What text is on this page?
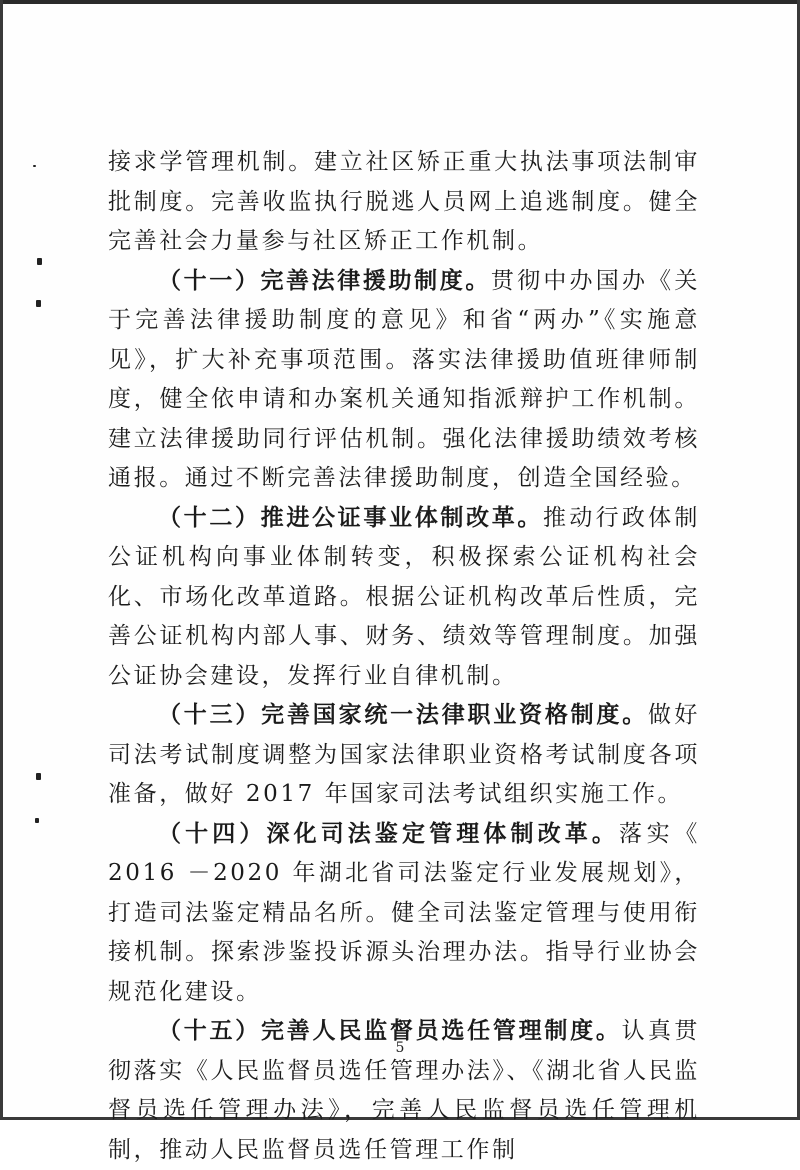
接求学管理机制。建立社区矫正重大执法事项法制审批制度。完善收监执行脱逃人员网上追逃制度。健全完善社会力量参与社区矫正工作机制。

（十一）完善法律援助制度。贯彻中办国办《关于完善法律援助制度的意见》和省“两办”《实施意见》，扩大补充事项范围。落实法律援助值班律师制度，健全依申请和办案机关通知指派辩护工作机制。建立法律援助同行评估机制。强化法律援助绩效考核通报。通过不断完善法律援助制度，创造全国经验。

（十二）推进公证事业体制改革。推动行政体制公证机构向事业体制转变，积极探索公证机构社会化、市场化改革道路。根据公证机构改革后性质，完善公证机构内部人事、财务、绩效等管理制度。加强公证协会建设，发挥行业自律机制。

（十三）完善国家统一法律职业资格制度。做好司法考试制度调整为国家法律职业资格考试制度各项准备，做好 2017 年国家司法考试组织实施工作。

（十四）深化司法鉴定管理体制改革。落实《 2016 －2020 年湖北省司法鉴定行业发展规划》，打造司法鉴定精品名所。健全司法鉴定管理与使用衔接机制。探索涉鉴投诉源头治理办法。指导行业协会规范化建设。

（十五）完善人民监督员选任管理制度。认真贯彻落实《人民监督员选任管理办法》、《湖北省人民监督员选任管理办法》，完善人民监督员选任管理机制，推动人民监督员选任管理工作制

5
